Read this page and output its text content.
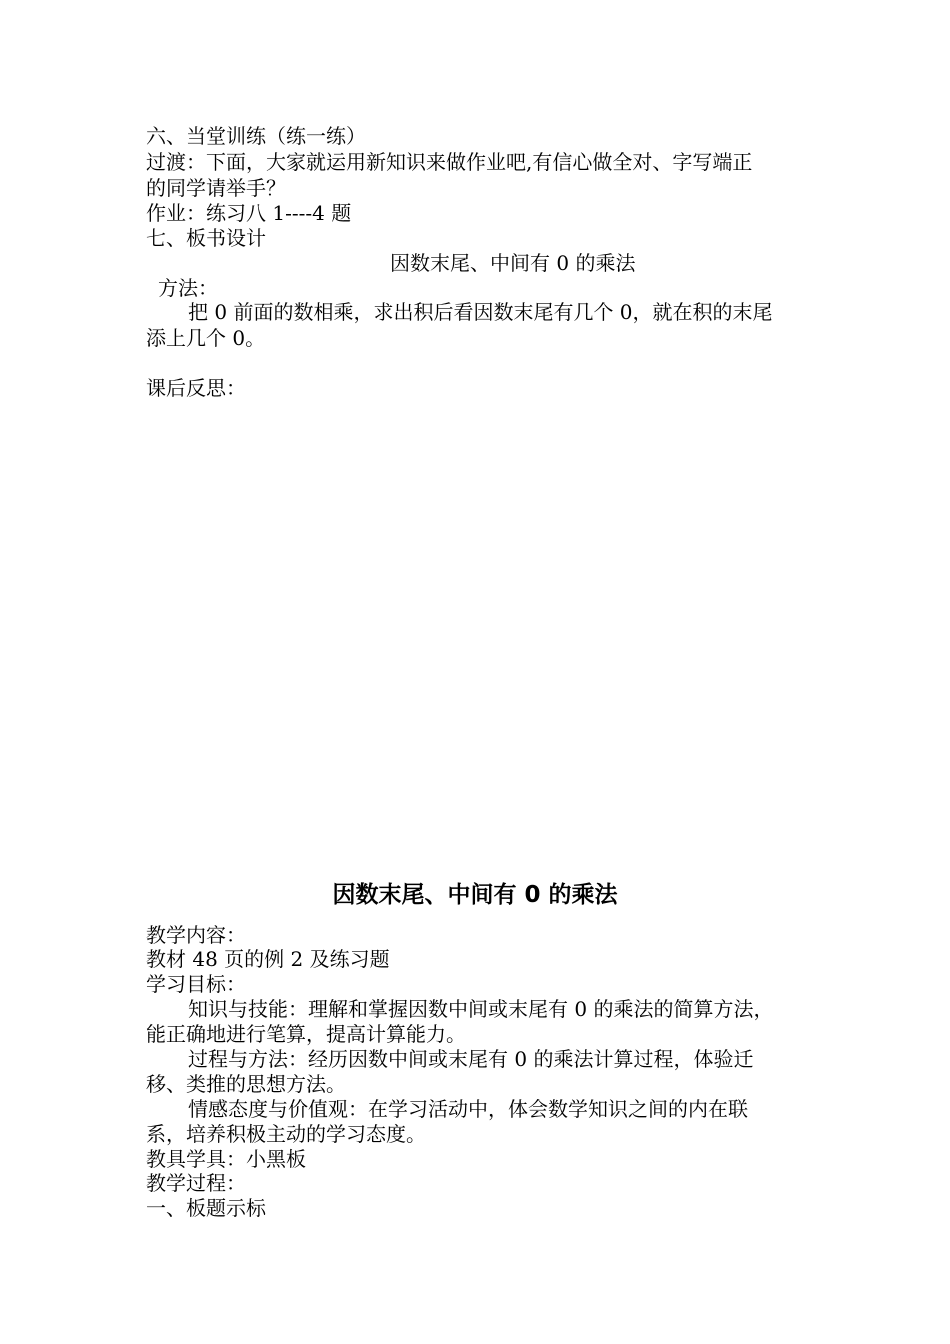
六、当堂训练（练一练）
过渡：下面，大家就运用新知识来做作业吧,有信心做全对、字写端正
的同学请举手？
作业：练习八 1----4 题
七、板书设计
因数末尾、中间有 0 的乘法
方法：
把 0 前面的数相乘，求出积后看因数末尾有几个 0，就在积的末尾
添上几个 0。
课后反思：
因数末尾、中间有 0 的乘法
教学内容：
教材 48 页的例 2 及练习题
学习目标：
知识与技能：理解和掌握因数中间或末尾有 0 的乘法的简算方法，
能正确地进行笔算，提高计算能力。
过程与方法：经历因数中间或末尾有 0 的乘法计算过程，体验迁
移、类推的思想方法。
情感态度与价值观：在学习活动中，体会数学知识之间的内在联
系，培养积极主动的学习态度。
教具学具：小黑板
教学过程：
一、板题示标
